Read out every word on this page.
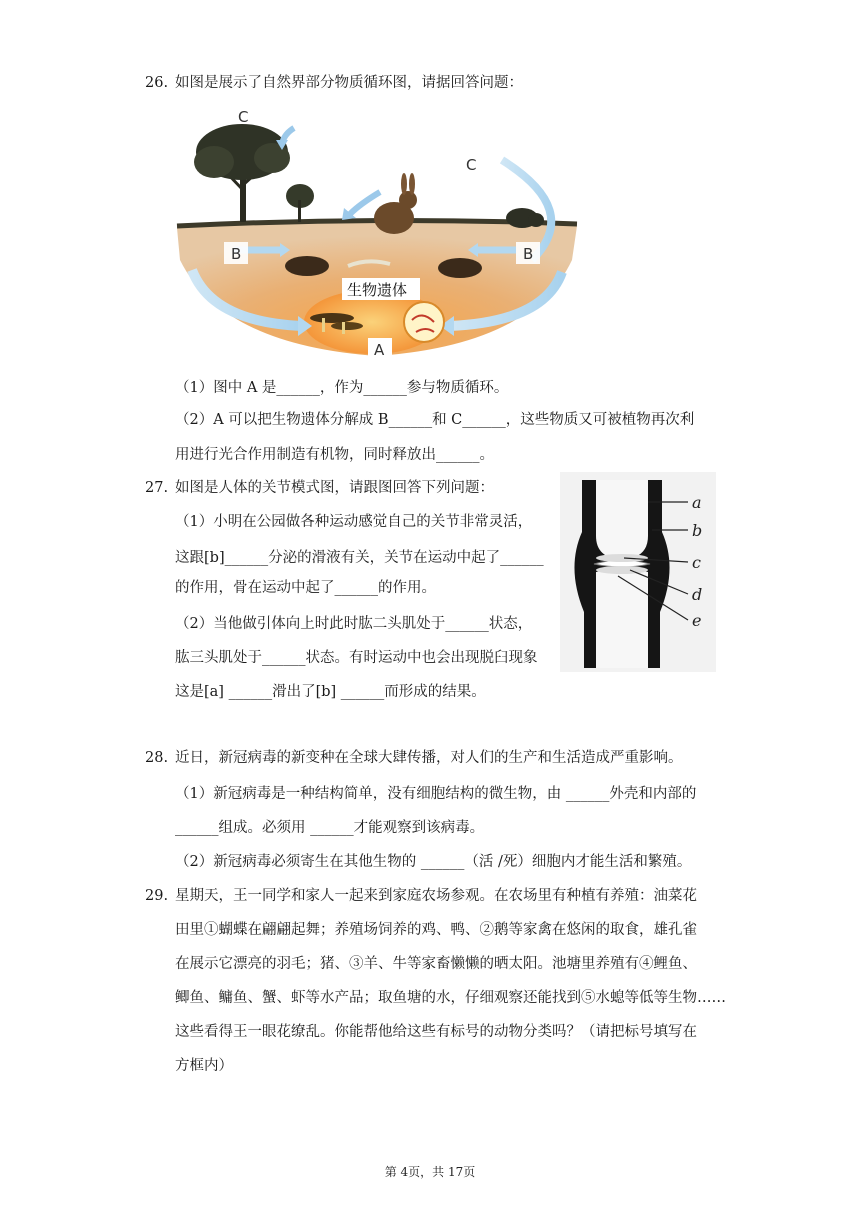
26. 如图是展示了自然界部分物质循环图，请据回答问题：
C
C
B	B
生物遗体
A
（1）图中 A 是______，作为______参与物质循环。
（2）A 可以把生物遗体分解成 B______和 C______，这些物质又可被植物再次利
用进行光合作用制造有机物，同时释放出______。
27. 如图是人体的关节模式图，请跟图回答下列问题：
（1）小明在公园做各种运动感觉自己的关节非常灵活，
这跟[b]______分泌的滑液有关，关节在运动中起了______
的作用，骨在运动中起了______的作用。
（2）当他做引体向上时此时肱二头肌处于______状态，
肱三头肌处于______状态。有时运动中也会出现脱臼现象
这是[a] ______滑出了[b] ______而形成的结果。
a
b
c
d
e
28. 近日，新冠病毒的新变种在全球大肆传播，对人们的生产和生活造成严重影响。
（1）新冠病毒是一种结构简单，没有细胞结构的微生物，由 ______外壳和内部的
______组成。必须用 ______才能观察到该病毒。
（2）新冠病毒必须寄生在其他生物的 ______（活 /死）细胞内才能生活和繁殖。
29. 星期天，王一同学和家人一起来到家庭农场参观。在农场里有种植有养殖：油菜花
田里①蝴蝶在翩翩起舞；养殖场饲养的鸡、鸭、②鹅等家禽在悠闲的取食，雄孔雀
在展示它漂亮的羽毛；猪、③羊、牛等家畜懒懒的晒太阳。池塘里养殖有④鲤鱼、
鲫鱼、鳙鱼、蟹、虾等水产品；取鱼塘的水，仔细观察还能找到⑤水螅等低等生物……
这些看得王一眼花缭乱。你能帮他给这些有标号的动物分类吗？（请把标号填写在
方框内）
第 4页，共 17页
